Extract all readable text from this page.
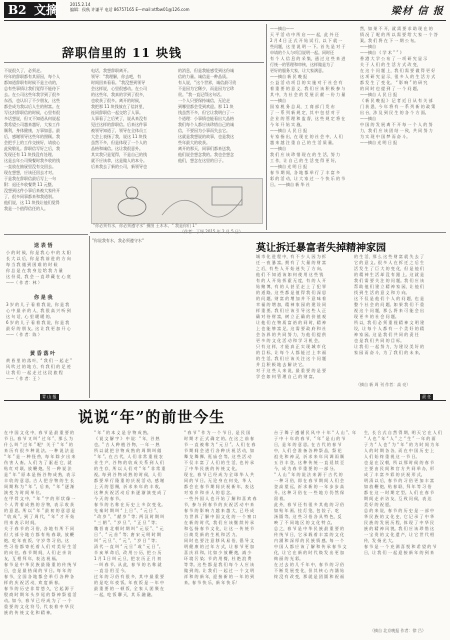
B2 文摘	2015.2.14
编辑：侯秋 许谦平 电话 86757165 E—mail:xtfbw01@126.com	梁材 信 报
辞职信里的 11 块钱
不说很久了，必须走。
经年的辞职都有其原因，每个人
都知道辞职有时候不是主动的，
总有些事情让我们觉得不能待下
去。在公司这些年我学到了很多
东西，也认识了不少朋友，这些
都会成为我以后人生的财富。在
写这封辞职信的时候，心里有很
多话想说，但又不知道从何说起
我希望公司越来越好，大家工作
顺利，身体健康，万事如意。最
后，感谢领导这些年的照顾。我
会把手上的工作交接好，请放心
此致敬礼。辞职信写好之后，我
发现还有 11 块钱没有处理。
这是去年公司聚餐时我多收的钱
一直放在抽屉里没有交回去。
现在想想，应该还回去才对。
于是我在辞职信最后写上一句
附：退还多收餐费 11 元整。
没想到这件小事后来被大家传开
了，很多同事都来和我道别。
他们说，这 11 块钱让他们觉得
我是一个值得信任的人。
电话，我想辞职离开。
领导：“我理解，你去吧，有
时间回来看看。”我没想到领导
会这样说，心里很感动。在公司
的这些年，我真的学到了很多，
也收获了很多。离开的时候，
我把那 11 块钱放在了信封里，
连同辞职信一起交给了人事。
人事看了之后笑了，说从来没有
见过这样的辞职信。后来这件事
被领导知道了，领导在全体员工
大会上表扬了我，说这 11 块钱
虽然不多，但是体现了一个人的
品格和诚信。这让我很意外。
其实我只是觉得，不是自己的钱
就不应该拿，这是做人的本分。
后来我去了新的公司，新领导也
的消息，但是我能感受到这份诚
信的力量。诚信是一种品质。
有人说，“这个世界，诚信最可贵
不是因为它稀少，而是因为它珍
贵。”我一直记得这句话。
一个人只要保持诚信，无论走
到哪里都会受到欢迎。那 11 块
钱虽然不多，但它让我明白了一
个道理：小事情也能看出大品格
我们每个人都应该珍惜自己的诚
信，不要因为小事而失去它。
这就是我想说的故事，也是我这
些年最大的收获。
离开的那天，同事们都来送我，
他们说会想念我的。我也会想念
他们，想念在这里的日子。
“你必须有水，你必须遵守水” 摄图 王木木、“ 我是你们 1”
——摘自——
天 平 活 动 中 所 启 —— 起，此 外 还
2 月 4 日 正 式 开 始 试 行，以 下 就 一
些问题，这 里 说 明 一 下。首 先 是 对 于
申请的个人与项目说明一起。同时还
有 个 人 信 息 的 采 集，通 过 这 些 来 进
行统一的管理和审核，这样做是为了
更好的服务大家，让大家满意。
——摘自 新 民 晚 报
公 益 活 动 项 目 的 实 施 对 于 社 会 有
着 重 要 的 意 义，我 们 应 该 积 极 参 与
其 中，为 社 会 的 发 展 贡 献 一 份 力 量
——摘自
国 家 税 务 总 局，工 商 部 门 发 布
了 一 系 列 新 规 定，其 中 包 括 对 于
企 业 的 管 理 和 监 督，这 些 规 定 将 在
今 年 开 始 实 施。
——摘自 人 民 日 报
专 家 指 出，在 现 在 的 社 会 中，人 们
越 来 越 注 重 自 己 的 生 活 质 量。
——摘自
我 们 应 该 珍 惜 现 在 的 生 活，努 力
工 作，让 自 己 的 生 活 变 得 更 好。
——摘自 光 明 日 报
春 节 期 间，各 地 都 举 行 了 丰 富 多
彩 的 活 动，让 大 家 过 一 个 快 乐 的 节
日。——摘自 新 华 社
然，如 果 不 开，就 需 要 求 助 现 在 的
情 况 了 呢 的 所 以 需 要 给 大 家 一 个 答
案。我 们 将 在 下 一 期 公 布。
——摘自
——摘自 《 学 术 ” ” 》
香 港 大 学 公 布 了 一 项 研 究 显 示
关 于 人 们 的 生 活 方 式 改 变，
在 这 个 问 题 上，我 们 需 要 做 得 更 好
这 项 研 究 显 示，很 多 人 的 生 活 方 式
都 发 生 了 变 化。 “ 影 响 ” 的 研 究
的 同 时 也 提 到 了 一 个 问 题。
——摘自 人 民 日 报
《 新 民 晚 报 》 记 者 近 日 从 有 关 部
门 获 悉，今 年 将 有 一 系 列 新 的 政 策
出 台，涉 及 到 民 生 的 各 个 方 面。
——摘自
中 国 的 发 展 离 不 开 每 一 个 人 的 努
力，我 们 应 该 团 结 一 致，共 同 努 力
为 实 现 中 国 梦 而 奋 斗。
——摘自 光 明 日 报
送 表 悟
小 的 时 候，你 是 我 心 中 的 太 阳
长 大 以 后，你 是 我 前 进 的 方 向
每 当 我 遇 到 困 难 的 时 候
你 总 是 在 我 身 边 给 我 力 量
这 份 爱，我 会 一 直 珍 藏 在 心 底
——（ 作 者：林 ）
你 是 我
3 岁 的 儿 子 看 着 我 说，你 是 我
心 中 最 亲 的 人，我 很 高 兴 听 到
这 句 话，心 里 暖 暖 的。
6 岁 的 儿 子 看 着 我 说，你 是 我
最 好 的 朋 友。这 让 我 更 加 开 心
——（ 作 者：陈 ）
黄 昏 落 叶
黄 昏 里 的 落 叶，“ 我 们 一 起 走 ”
风 吹 过 的 地 方，有 我 们 的 足 迹
让 我 们 一 起 走 过 这 段 旅 程
——（ 作 者：王 ）
青 山 报
莫让拆迁暴富者失掉精神家园
"你说我有水，我必须遵守水"
城 市 化 进 程 中，有 不 少 人 因 为 拆
迁 一 夜 暴 富。拥 有 了 大 量 的 财 富
之 后，有 些 人 开 始 迷 失 了 方 向。
他 们 不 知 道 该 如 何 使 用 这 些 钱
有 的 人 开 始 挥 霍 无 度，有 的 人 开
始 赌 博，有 的 人 甚 至 走 上 了 犯 罪
的 道 路。这 些 都 是 值 得 我 们 深 思
的 问 题。财 富 的 增 加 并 不 意 味 着
幸 福 的 增 加，精 神 家 园 的 建 设 同
样 重 要。我 们 应 该 引 导 这 些 人 正
确 对 待 财 富，树 立 正 确 的 价 值 观
让 他 们 在 物 质 富 裕 的 同 时，精 神
上 也 能 够 富 足。这 需 要 政 府 和 社
会 各 界 的 共 同 努 力，为 他 们 提 供
更 多 的 文 化 活 动 和 学 习 机 会。
只 有 这 样，才 能 真 正 实 现 城 市 化
的 目 标，让 每 个 人 都 能 过 上 幸 福
的 生 活。我 们 应 该 关 注 这 个 问 题
并 且 积 极 地 去 解 决 它。
对 于 这 些 人 来 说，最 重 要 的 是 要
学 会 如 何 管 理 自 己 的 财 富。
的 生 活，那 么 这 些 财 富 就 失 去 了
它 的 意 义。很 多 人 在 拆 迁 之 后 生
活 发 生 了 巨 大 的 变 化，但 是 他 们
的 精 神 生 活 却 没 有 跟 上。这 就 是
我 们 需 要 关 注 的 问 题。我 们 应 该
帮 助 他 们 建 立 精 神 家 园，让 他 们
找 到 生 活 的 意 义 和 方 向。
这 不 仅 是 他 们 个 人 的 问 题，也 是
整 个 社 会 的 问 题。如 果 我 们 不 重
视 这 个 问 题，那 么 将 来 可 能 会 出
现 更 多 的 社 会 问 题。
所 以，我 们 必 须 重 视 精 神 文 明 建
设，让 每 个 人 都 有 一 个 美 好 的 精
神 家 园。这 是 我 们 共 同 的 责 任
也 是 我 们 共 同 的 目 标。
让 我 们 一 起 努 力，为 建 设 美 好 的
家 园 而 奋 斗，为 了 我 们 的 未 来。
（摘自 新 周 刊 作者：高 亮）
责 任
说说“年”的前世今生
在 中 国 文 化 中，春 节 是 最 重 要 的
节 日。春 节 又 叫 “ 过 年 ”，那 么 为
什 么 叫 “ 过 年 ” 呢？ 关 于 “ 年 ” 的
来 历 有 很 多 种 说 法。一 种 说 法 是
“ 年 ” 是 一 种 怪 兽，每 年 除 夕 出 来
伤 害 人 畜。人 们 为 了 驱 赶 它，就
贴 红 对 联、放 鞭 炮。另 一 种 说 法
是 “ 年 ” 原 本 是 指 谷 物 成 熟，表 示
丰 收 的 意 思。古 人 把 谷 物 的 生 长
周 期 称 为 “ 年 ”。后 来，“ 年 ” 逐 渐
演 变 为 时 间 单 位。
在 甲 骨 文 中，“ 年 ” 字 的 形 状 像 一
个 人 背 着 成 熟 的 谷 物，表 示 收 获
的 意 思。所 以 “ 年 ” 最 初 的 意 思 是
“ 收 成 ”。到 了 周 代，“ 年 ” 才 开 始
用 来 表 示 时 间。
关 于 春 节 的 习 俗，各 地 有 所 不 同
但 大 部 分 地 方 都 有 贴 春 联、放 鞭
炮、吃 年 夜 饭、守 岁 等 习 俗。这
些 习 俗 都 寄 托 着 人 们 对 美 好 生 活
的 向 往。春 节 期 间，人 们 走 亲 访
友，互 相 拜 年，表 达 祝 福。
春 节 是 中 华 民 族 最 隆 重 的 传 统 节
日，也 是 最 热 闹 的 节 日。每 年 的
春 节，全 国 各 地 都 会 举 行 各 种 各
样 的 庆 祝 活 动，欢 度 新 春。
春 节 的 历 史 非 常 悠 久，它 起 源 于
殷 商 时 期 年 头 岁 尾 的 祭 神 祭 祖 活
动。如 今，春 节 已 经 成 为 了 一 个
重 要 的 文 化 符 号，代 表 着 中 华 民
族 的 传 统 文 化 和 精 神。
“ 年 ” 的 本 义 是 谷 物 成 熟。
《 说 文 解 字 》 中 说：“ 年，谷 熟
也。” 古 人 种 植 谷 物，一 年 一 熟
所 以 就 把 谷 物 成 熟 的 周 期 叫 做
“ 年 ”。在 古 代，人 们 非 常 重 视 农
业 生 产，谷 物 的 收 成 关 系 到 人 们
的 生 存，所 以 人 们 对 “ 年 ” 非 常 重
视。每 到 谷 物 成 熟 的 时 候，人 们
都 要 举 行 隆 重 的 庆 祝 活 动，感 谢
上 天 的 恩 赐，祈 求 来 年 的 丰 收。
这 种 庆 祝 活 动 后 来 逐 渐 演 变 成 了
今 天 的 春 节。
春 节 的 名 称 在 历 史 上 多 次 变 化。
先 秦 时 期 叫 “ 上 日 ”、“ 元 日 ”、
“ 改 岁 ”、“ 献 岁 ” 等；两 汉 时 期 叫
“ 三 朝 ”、“ 岁 旦 ”、“ 正 旦 ” 等；
魏 晋 南 北 朝 时 期 叫 “ 元 辰 ”、“ 元
日 ”、“ 元 首 ” 等；唐 宋 元 明 时 期
叫 “ 元 旦 ”、“ 元 ”、“ 岁 日 ” 等；
清 代 一 直 叫 “ 元 旦 ” 或 “ 元 日 ”。
辛 亥 革 命 后，改 用 公 历，把 公 历
1 月 1 日 叫 元 旦，把 农 历 正 月 初
一 叫 春 节。从 此，春 节 的 名 称 就
一 直 沿 用 至 今。
过 年 的 习 俗 有 很 多，其 中 最 重 要
的 是 吃 年 夜 饭。年 夜 饭 是 一 年 中
最 重 要 的 一 顿 饭，全 家 人 团 聚 在
一 起，吃 饭 聊 天，其 乐 融 融。
“ 春 节 ” 作 为 一 个 节 日，是 民 国
时 期 才 正 式 确 定 的。在 这 之 前 春
节 一 直 被 称 为 “ 元 旦 ”。人 们 在 春
节 期 间 会 进 行 各 种 庆 祝 活 动，如
舞 龙 舞 狮、逛 庙 会 等。这 些 活 动
不 仅 丰 富 了 人 们 的 生 活，也 传 承
了 中 华 民 族 的 传 统 文 化。
现 在，春 节 已 经 成 为 全 球 华 人 共
同 的 节 日。无 论 身 在 何 处，华 人
都 会 在 春 节 期 间 庆 祝 新 年，表 达
对 家 乡 和 亲 人 的 思 念。
一 些 外 国 人 也 开 始 了 解 和 喜 欢 春
节，参 与 到 春 节 的 庆 祝 活 动 中 来
春 节 的 影 响 力 越 来 越 大，已 经 成
为 世 界 了 解 中 国 文 化 的 一 个 窗 口
在 新 的 时 代，我 们 应 该 继 续 传 承
和 弘 扬 春 节 文 化，让 这 一 传 统 节
日 焕 发 新 的 生 机 和 活 力。
同 时 也 要 注 意 移 风 易 俗，倡 导 文
明 健 康 的 过 年 方 式，让 春 节 更 加
喜 庆 祥 和。比 如 少 放 鞭 炮，减 少
环 境 污 染；节 约 用 餐，杜 绝 浪 费
等 等。这 些 都 是 我 们 每 个 人 应 该
做 到 的。让 我 们 一 起 过 一 个 文 明
祥 和 的 新 年，迎 接 新 的 一 年 的 到
来。春 节 快 乐，新 年 快 乐！
台 子 舞 子 遵 循 民 风 中 十 年 “ 人 山 ”、年
子 中 十 年 的 春 节，“ 年 ” 是 山 的 节
日，是 年 的 意 思。在 古 代 的 春 节
中，人 们 会 准 备 各 种 祭 品，祭 祀
祖 先 和 神 灵，祈 求 来 年 风 调 雨 顺
五 谷 丰 登。这 种 传 统 一 直 延 续 至
今，成 为 春 节 重 要 的 一 部 分。
“ 人 山 ” 年 的 说 法 来 源 于 古 代 的
一 种 习 俗，即 在 春 节 期 间 人 们 会
登 高 望 远，祈 求 新 的 一 年 步 步 高
升。这 种 习 俗 在 一 些 地 方 仍 然 保
留 着。
此 外，春 节 还 有 很 多 其 他 的 习 俗
如 贴 年 画、挂 灯 笼、包 饺 子、吃
汤 圆 等。这 些 习 俗 各 具 特 色，反
映 了 不 同 地 区 的 文 化 特 点。
总 之，春 节 是 中 华 民 族 最 重 要 的
传 统 节 日，它 承 载 着 丰 富 的 文 化
内 涵 和 深 厚 的 民 族 情 感。每 一 个
中 国 人 都 应 该 了 解 和 传 承 春 节 文
化，让 它 在 新 的 时 代 焕 发 出 更 加
绚 丽 的 光 彩。
在 过 去 的 几 千 年 中，春 节 的 习 俗
不 断 发 展 变 化，但 其 核 心 内 涵 始
终 没 有 改 变，那 就 是 团 圆 和 祝 福
生，长 合 式 自 然 得 期，明 天 它 在 人 们
“ 人 也 ” 年 “ 人 ” 之 “ 生 ” 一 年 的 面
子 为 “ 人 也 ” 为 “ 年 ” 的 为 时 间 为 年
人 的 时 期 各 各，而 在 中 国 历 史 上
人 们 始 终 重 视 这 一 节 日。
也 是 在 汉 朝，所 以 那 时 候 的 春 节
主 要 由 民 间 和 官 方 共 同 举 办，形
成 了 丰 富 多 彩 的 庆 祝 形 式。
明 清 以 后，春 节 的 习 俗 更 加 丰 富
如 放 鞭 炮、贴 春 联、拜 年 等 习 俗
都 在 这 一 时 期 定 型。人 们 在 春 节
期 间 走 亲 访 友，互 致 问 候，表 达
美 好 的 祝 愿。
总 的 来 说，春 节 的 历 史 是 一 部 中
华 民 族 的 文 化 史，它 记 录 了 中 华
民 族 的 发 展 历 程，体 现 了 中 华 民
族 的 精 神 风 貌。我 们 应 该 珍 惜 这
一 宝 贵 的 文 化 遗 产，让 它 世 代 相
传，发 扬 光 大。
春 节 是 一 个 充 满 喜 悦 和 希 望 的 节
日，让 我 们 一 起 迎 接 新 年 的 到 来
（摘自 北京晚报 作者：徐 吕）
